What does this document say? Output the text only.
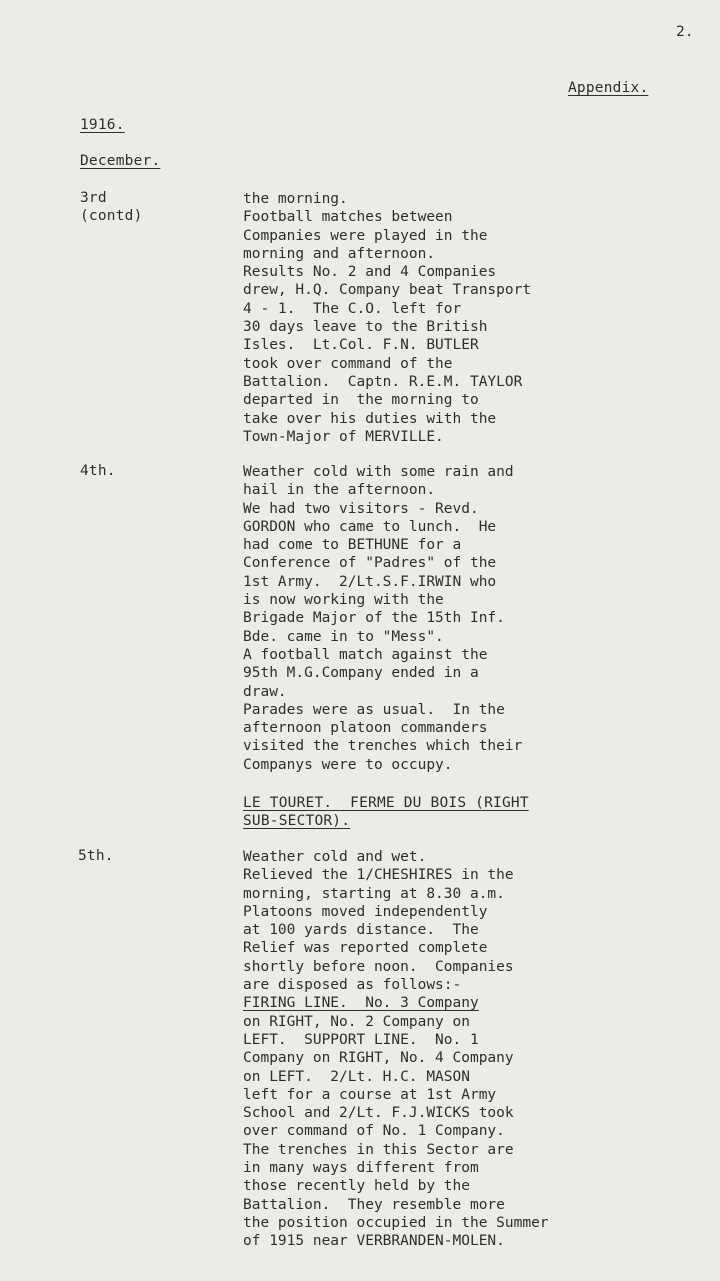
2.
Appendix.
1916.
December.
3rd
(contd)
the morning.
Football matches between
Companies were played in the
morning and afternoon.
Results No. 2 and 4 Companies
drew, H.Q. Company beat Transport
4 - 1.  The C.O. left for
30 days leave to the British
Isles.  Lt.Col. F.N. BUTLER
took over command of the
Battalion.  Captn. R.E.M. TAYLOR
departed in  the morning to
take over his duties with the
Town-Major of MERVILLE.
4th.	Weather cold with some rain and
hail in the afternoon.
We had two visitors - Revd.
GORDON who came to lunch.  He
had come to BETHUNE for a
Conference of "Padres" of the
1st Army.  2/Lt.S.F.IRWIN who
is now working with the
Brigade Major of the 15th Inf.
Bde. came in to "Mess".
A football match against the
95th M.G.Company ended in a
draw.
Parades were as usual.  In the
afternoon platoon commanders
visited the trenches which their
Companys were to occupy.
LE TOURET.  FERME DU BOIS (RIGHT
SUB-SECTOR).
5th.	Weather cold and wet.
Relieved the 1/CHESHIRES in the
morning, starting at 8.30 a.m.
Platoons moved independently
at 100 yards distance.  The
Relief was reported complete
shortly before noon.  Companies
are disposed as follows:-
FIRING LINE.  No. 3 Company
on RIGHT, No. 2 Company on
LEFT.  SUPPORT LINE.  No. 1
Company on RIGHT, No. 4 Company
on LEFT.  2/Lt. H.C. MASON
left for a course at 1st Army
School and 2/Lt. F.J.WICKS took
over command of No. 1 Company.
The trenches in this Sector are
in many ways different from
those recently held by the
Battalion.  They resemble more
the position occupied in the Summer
of 1915 near VERBRANDEN-MOLEN.
